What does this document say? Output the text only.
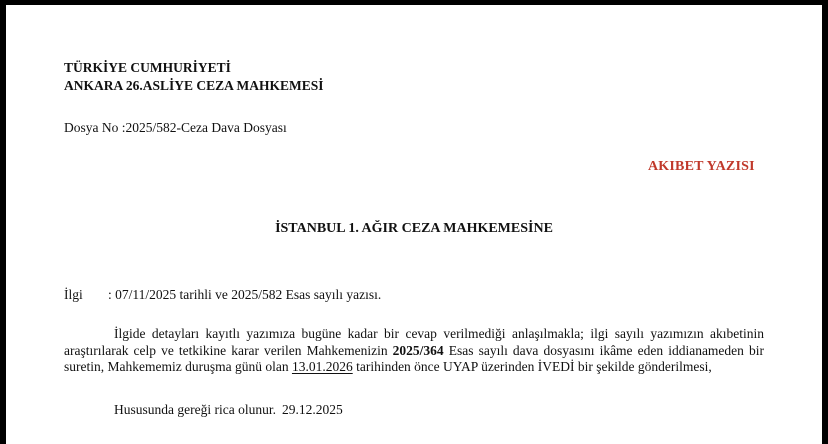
TÜRKİYE CUMHURİYETİ
ANKARA 26.ASLİYE CEZA MAHKEMESİ
Dosya No :2025/582-Ceza Dava Dosyası
AKIBET YAZISI
İSTANBUL 1. AĞIR CEZA MAHKEMESİNE
İlgi : 07/11/2025 tarihli ve 2025/582 Esas sayılı yazısı.
İlgide detayları kayıtlı yazımıza bugüne kadar bir cevap verilmediği anlaşılmakla; ilgi sayılı yazımızın akıbetinin araştırılarak celp ve tetkikine karar verilen Mahkemenizin 2025/364 Esas sayılı dava dosyasını ikâme eden iddianameden bir suretin, Mahkememiz duruşma günü olan 13.01.2026 tarihinden önce UYAP üzerinden İVEDİ bir şekilde gönderilmesi,
Hususunda gereği rica olunur. 29.12.2025
